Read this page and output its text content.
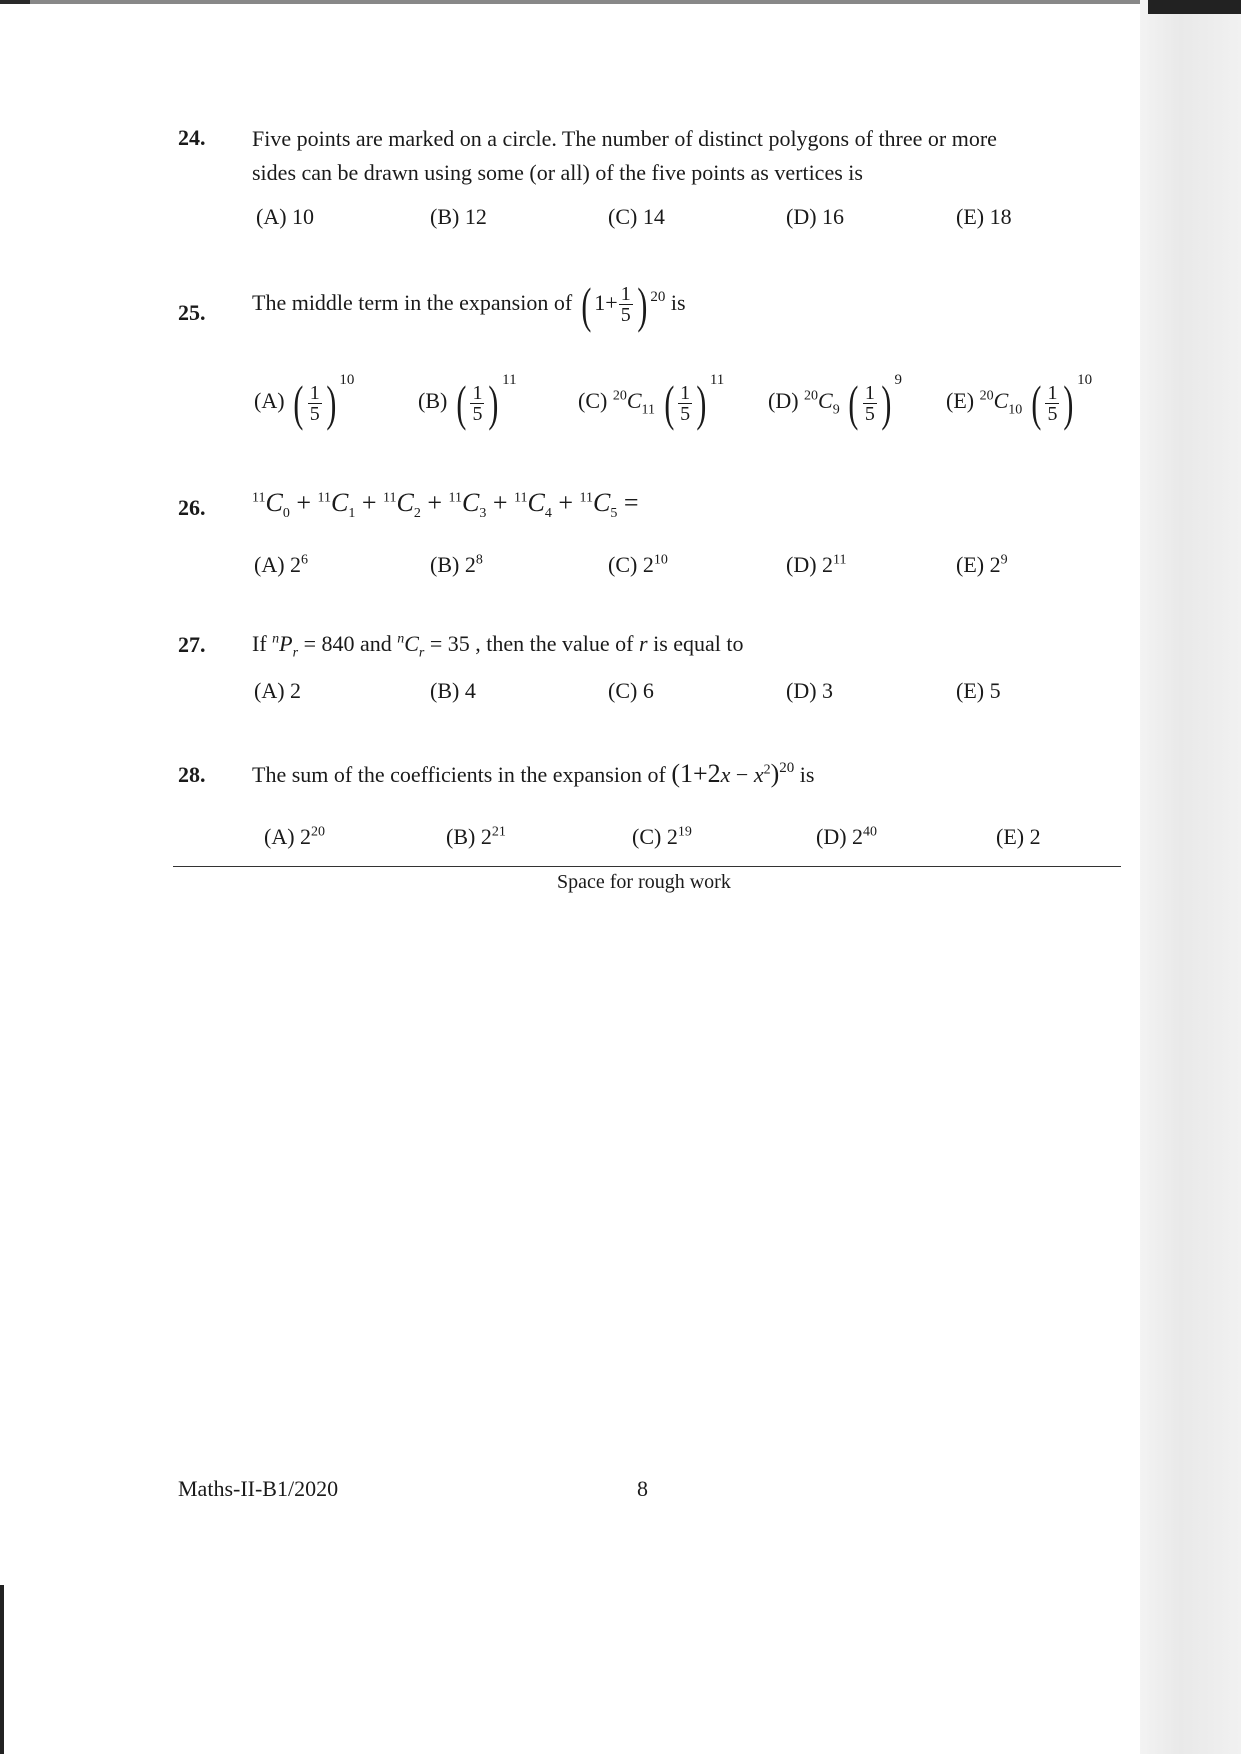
24. Five points are marked on a circle. The number of distinct polygons of three or more
sides can be drawn using some (or all) of the five points as vertices is
(A) 10	(B) 12	(C) 14	(D) 16	(E) 18
25. The middle term in the expansion of ( $1+ \frac{1}{5}$ ) $^{20}$ is
(A) ( $\frac{1}{5}$ ) $^{10}$
(B) ( $\frac{1}{5}$ ) $^{11}$
(C) $^{20}C_{11}$ ( $\frac{1}{5}$ ) $^{11}$
(D) $^{20}C_9$ ( $\frac{1}{5}$ ) $^9$
(E) $^{20}C_{10}$ ( $\frac{1}{5}$ ) $^{10}$
26.	$^{11}C_0 + ^{11}C_1 + ^{11}C_2 + ^{11}C_3 + ^{11}C_4 + ^{11}C_5$ =
(A) $2^6$	(B) $2^8$	(C) $2^{10}$	(D) $2^{11}$	(E) $2^9$
27. If $^nP_r = 840$ and $^nC_r = 35$ , then the value of r is equal to
(A) 2	(B) 4	(C) 6	(D) 3	(E) 5
28. The sum of the coefficients in the expansion of $(1+2x - x^2)^{20}$ is
(A) $2^{20}$	(B) $2^{21}$	(C) $2^{19}$	(D) $2^{40}$	(E) 2
Space for rough work
Maths-II-B1/2020	8
